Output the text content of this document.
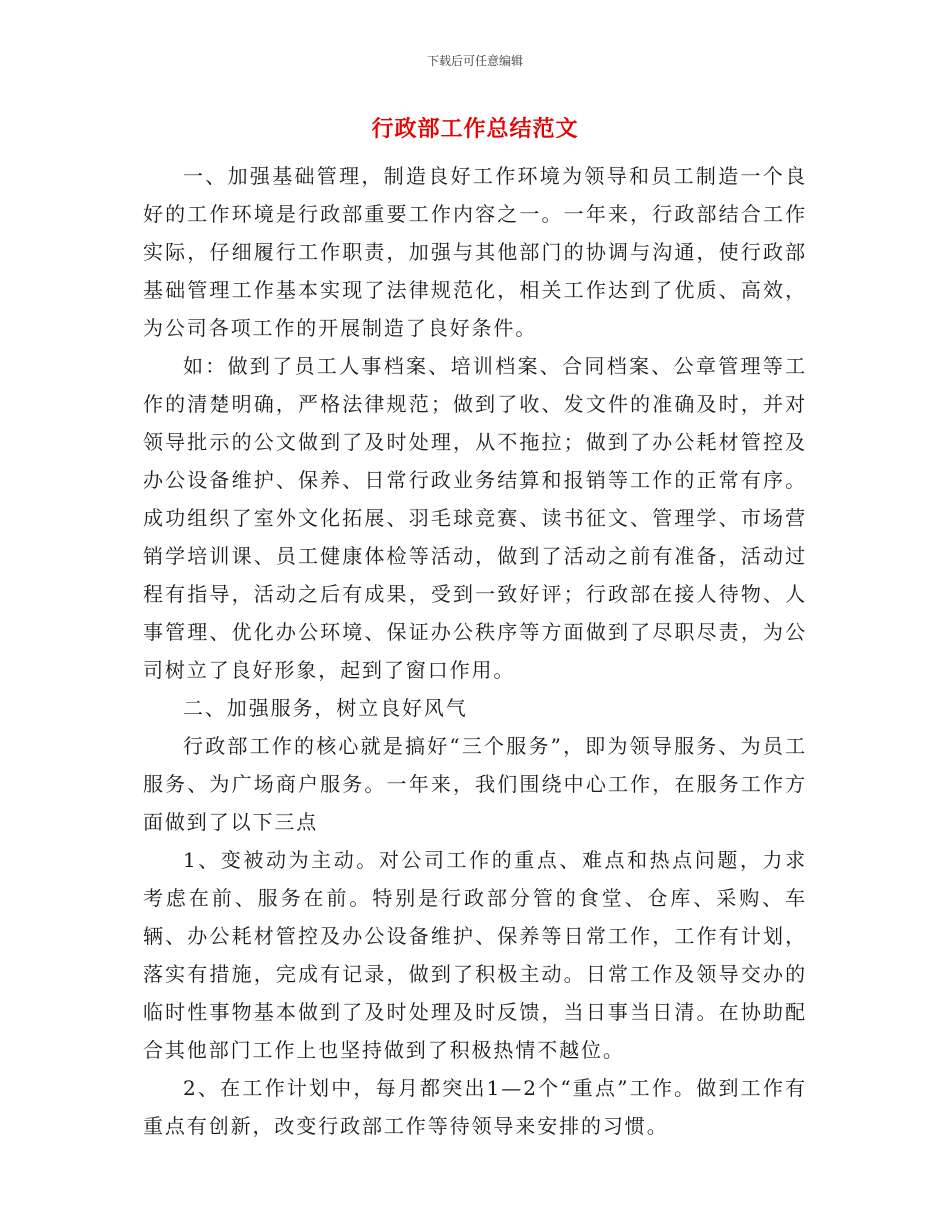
下载后可任意编辑
行政部工作总结范文

一、加强基础管理，制造良好工作环境为领导和员工制造一个良好的工作环境是行政部重要工作内容之一。一年来，行政部结合工作实际，仔细履行工作职责，加强与其他部门的协调与沟通，使行政部基础管理工作基本实现了法律规范化，相关工作达到了优质、高效，为公司各项工作的开展制造了良好条件。

如：做到了员工人事档案、培训档案、合同档案、公章管理等工作的清楚明确，严格法律规范；做到了收、发文件的准确及时，并对领导批示的公文做到了及时处理，从不拖拉；做到了办公耗材管控及办公设备维护、保养、日常行政业务结算和报销等工作的正常有序。成功组织了室外文化拓展、羽毛球竞赛、读书征文、管理学、市场营销学培训课、员工健康体检等活动，做到了活动之前有准备，活动过程有指导，活动之后有成果，受到一致好评；行政部在接人待物、人事管理、优化办公环境、保证办公秩序等方面做到了尽职尽责，为公司树立了良好形象，起到了窗口作用。

二、加强服务，树立良好风气

行政部工作的核心就是搞好“三个服务”，即为领导服务、为员工服务、为广场商户服务。一年来，我们围绕中心工作，在服务工作方面做到了以下三点

1、变被动为主动。对公司工作的重点、难点和热点问题，力求考虑在前、服务在前。特别是行政部分管的食堂、仓库、采购、车辆、办公耗材管控及办公设备维护、保养等日常工作，工作有计划，落实有措施，完成有记录，做到了积极主动。日常工作及领导交办的临时性事物基本做到了及时处理及时反馈，当日事当日清。在协助配合其他部门工作上也坚持做到了积极热情不越位。

2、在工作计划中，每月都突出1—2个“重点”工作。做到工作有重点有创新，改变行政部工作等待领导来安排的习惯。
